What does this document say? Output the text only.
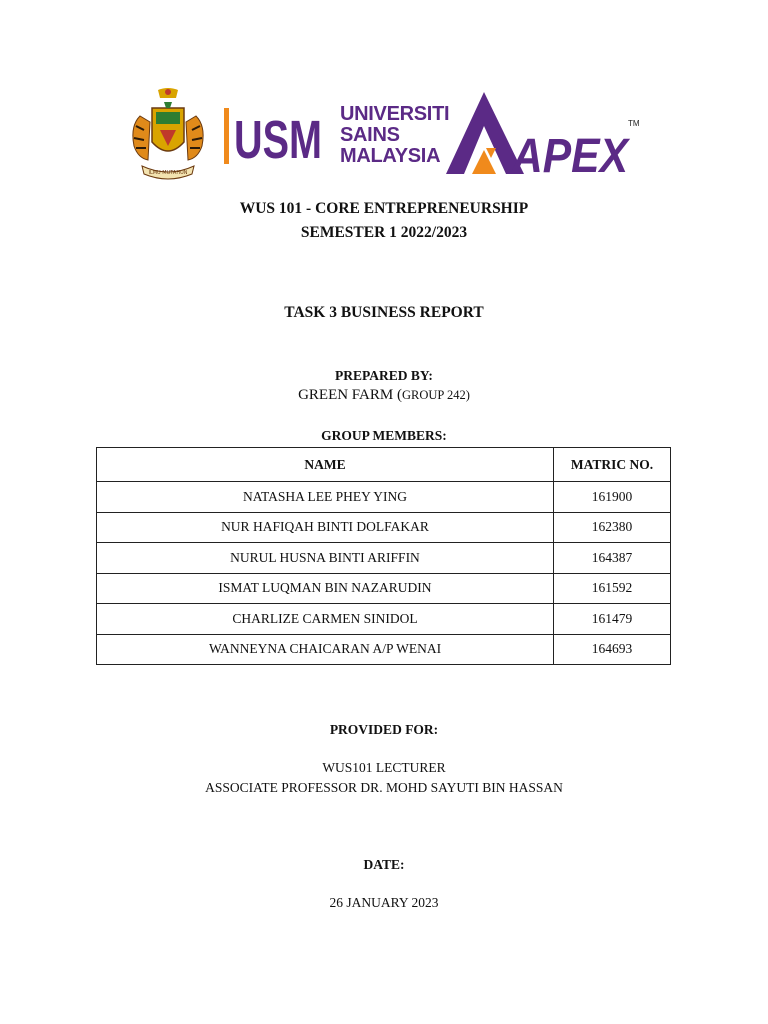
ILMU MUTAHUN
USM UNIVERSITI
SAINS
MALAYSIA APEX
TM
WUS 101 - CORE ENTREPRENEURSHIP
SEMESTER 1 2022/2023
TASK 3 BUSINESS REPORT
PREPARED BY:
GREEN FARM (GROUP 242)
GROUP MEMBERS:
NAME	MATRIC NO.
NATASHA LEE PHEY YING	161900
NUR HAFIQAH BINTI DOLFAKAR	162380
NURUL HUSNA BINTI ARIFFIN	164387
ISMAT LUQMAN BIN NAZARUDIN	161592
CHARLIZE CARMEN SINIDOL	161479
WANNEYNA CHAICARAN A/P WENAI	164693
PROVIDED FOR:
WUS101 LECTURER
ASSOCIATE PROFESSOR DR. MOHD SAYUTI BIN HASSAN
DATE:
26 JANUARY 2023
